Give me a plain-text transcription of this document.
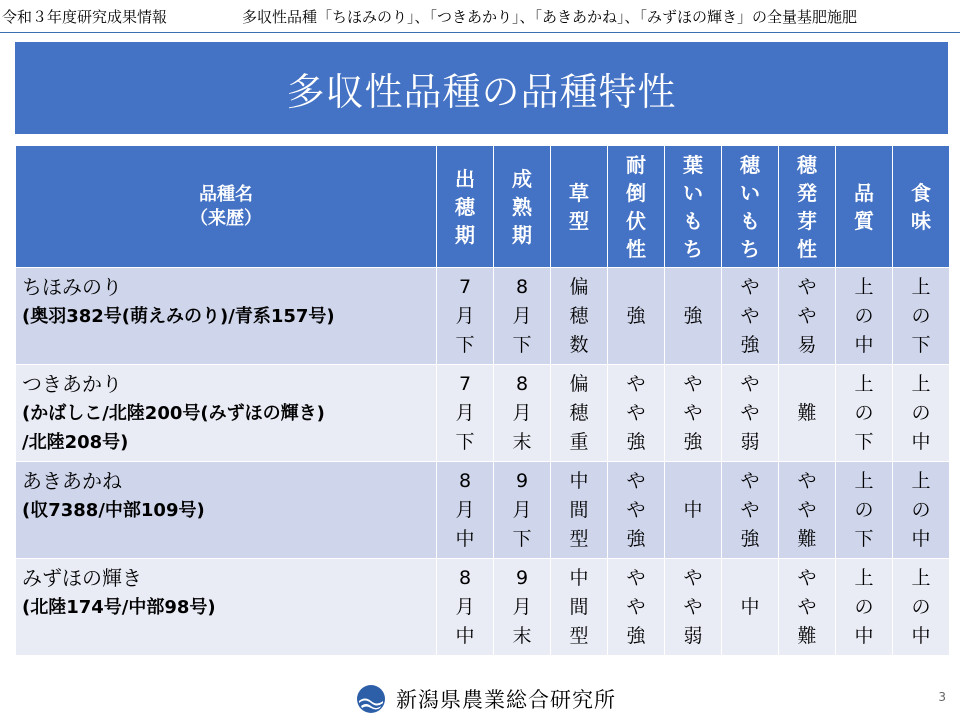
令和３年度研究成果情報	多収性品種「ちほみのり」、「つきあかり」、「あきあかね」、「みずほの輝き」の全量基肥施肥
多収性品種の品種特性
品種名
（来歴）	出穂期	成熟期	草型	耐倒伏性	葉いもち	穂いもち	穂発芽性	品質	食味

ちほみのり
(奥羽382号(萌えみのり)/青系157号)	7月下	8月下	偏穂数	強	強	やや強	やや易	上の中	上の下

つきあかり
(かばしこ/北陸200号(みずほの輝き)
/北陸208号)	7月下	8月末	偏穂重	やや強	やや強	やや弱	難	上の下	上の中

あきあかね
(収7388/中部109号)	8月中	9月下	中間型	やや強	中	やや強	やや難	上の下	上の中

みずほの輝き
(北陸174号/中部98号)	8月中	9月末	中間型	やや強	やや弱	中	やや難	上の中	上の中
新潟県農業総合研究所	3
